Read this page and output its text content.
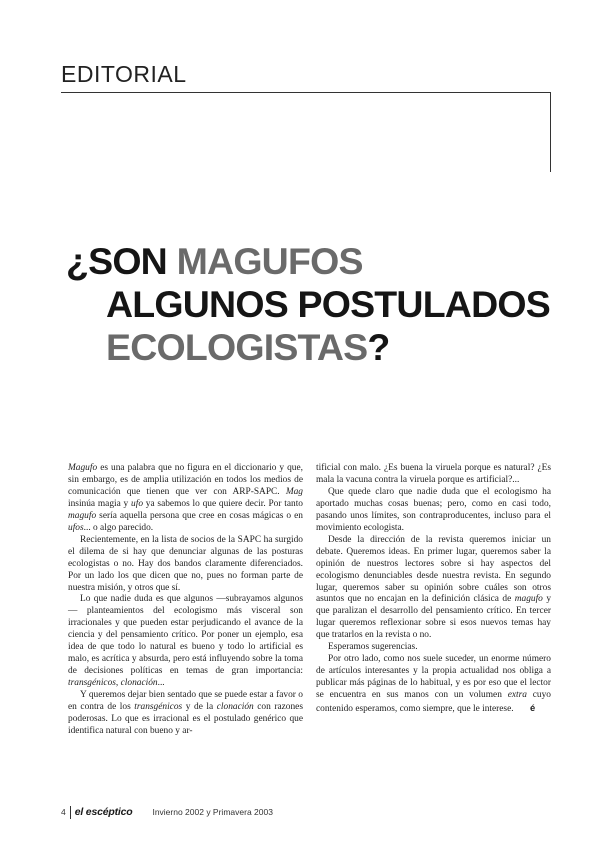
EDITORIAL
¿SON MAGUFOS
ALGUNOS POSTULADOS
ECOLOGISTAS?

Magufo es una palabra que no figura en el diccionario y que, sin embargo, es de amplia utilización en todos los medios de comunicación que tienen que ver con ARP-SAPC. Mag insinúa magia y ufo ya sabemos lo que quiere decir. Por tanto magufo sería aquella persona que cree en cosas mágicas o en ufos... o algo parecido.

Recientemente, en la lista de socios de la SAPC ha surgido el dilema de si hay que denunciar algunas de las posturas ecologistas o no. Hay dos bandos claramente diferenciados. Por un lado los que dicen que no, pues no forman parte de nuestra misión, y otros que sí.

Lo que nadie duda es que algunos —subrayamos algunos— planteamientos del ecologismo más visceral son irracionales y que pueden estar perjudicando el avance de la ciencia y del pensamiento crítico. Por poner un ejemplo, esa idea de que todo lo natural es bueno y todo lo artificial es malo, es acrítica y absurda, pero está influyendo sobre la toma de decisiones políticas en temas de gran importancia: transgénicos, clonación...

Y queremos dejar bien sentado que se puede estar a favor o en contra de los transgénicos y de la clonación con razones poderosas. Lo que es irracional es el postulado genérico que identifica natural con bueno y ar-

tificial con malo. ¿Es buena la viruela porque es natural? ¿Es mala la vacuna contra la viruela porque es artificial?...

Que quede claro que nadie duda que el ecologismo ha aportado muchas cosas buenas; pero, como en casi todo, pasando unos límites, son contraproducentes, incluso para el movimiento ecologista.

Desde la dirección de la revista queremos iniciar un debate. Queremos ideas. En primer lugar, queremos saber la opinión de nuestros lectores sobre si hay aspectos del ecologismo denunciables desde nuestra revista. En segundo lugar, queremos saber su opinión sobre cuáles son otros asuntos que no encajan en la definición clásica de magufo y que paralizan el desarrollo del pensamiento crítico. En tercer lugar queremos reflexionar sobre si esos nuevos temas hay que tratarlos en la revista o no.

Esperamos sugerencias.

Por otro lado, como nos suele suceder, un enorme número de artículos interesantes y la propia actualidad nos obliga a publicar más páginas de lo habitual, y es por eso que el lector se encuentra en sus manos con un volumen extra cuyo contenido esperamos, como siempre, que le interese. é

4 el escéptico Invierno 2002 y Primavera 2003
